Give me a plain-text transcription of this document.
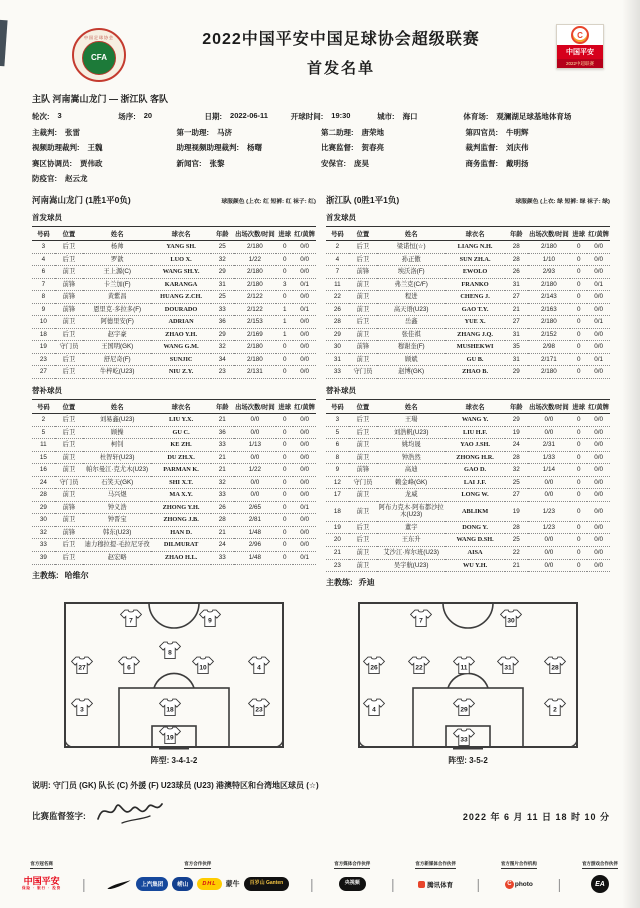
中国足球协会
CFA
2022中国平安中国足球协会超级联赛
首发名单
C
中国平安
2022中超联赛
主队 河南嵩山龙门 — 浙江队 客队
轮次: 3	场序: 20	日期: 2022-06-11	开球时间: 19:30	城市: 海口	体育场: 观澜湖足球基地体育场
主裁判: 张雷	第一助理: 马济	第二助理: 唐荣地	第四官员: 牛明辉
视频助理裁判: 王魏	助理视频助理裁判: 杨曙	比赛监督: 贺春亮	裁判监督: 刘庆伟
赛区协调员: 贾伟政	新闻官: 张黎	安保官: 庞昊	商务监督: 戴明扬
防疫官: 赵云龙
河南嵩山龙门 (1胜1平0负)	球服颜色 (上衣: 红 短裤: 红 袜子: 红)
首发球员
号码	位置	姓名	球衣名	年龄	出场次数/时间	进球	红/黄牌
3	后卫	杨帅	YANG SH.	25	2/180	0	0/0
4	后卫	罗歆	LUO X.	32	1/22	0	0/0
6	前卫	王上源(C)	WANG SH.Y.	29	2/180	0	0/0
7	前锋	卡兰加(F)	KARANGA	31	2/180	3	0/1
8	前锋	黄紫昌	HUANG Z.CH.	25	2/122	0	0/0
9	前锋	恩里克·多拉多(F)	DOURADO	33	2/122	1	0/1
10	前卫	阿德里安(F)	ADRIAN	36	2/153	1	0/0
18	后卫	赵宇豪	ZHAO Y.H.	29	2/169	1	0/0
19	守门员	王国明(GK)	WANG G.M.	32	2/180	0	0/0
23	后卫	舒尼奇(F)	SUNJIC	34	2/180	0	0/0
27	后卫	牛梓屹(U23)	NIU Z.Y.	23	2/131	0	0/0
替补球员
号码	位置	姓名	球衣名	年龄	出场次数/时间	进球	红/黄牌
2	后卫	刘易鑫(U23)	LIU Y.X.	21	0/0	0	0/0
5	后卫	顾操	GU C.	36	0/0	0	0/0
11	后卫	柯钊	KE ZH.	33	1/13	0	0/0
15	前卫	杜智轩(U23)	DU ZH.X.	21	0/0	0	0/0
16	前卫	帕尔曼江·克尤木(U23)	PARMAN K.	21	1/22	0	0/0
24	守门员	石笑天(GK)	SHI X.T.	32	0/0	0	0/0
28	前卫	马兴煜	MA X.Y.	33	0/0	0	0/0
29	前锋	钟义浩	ZHONG Y.H.	26	2/65	0	0/1
30	前卫	钟晋宝	ZHONG J.B.	28	2/81	0	0/0
32	前锋	韩东(U23)	HAN D.	21	1/48	0	0/0
33	后卫	迪力穆拉提·毛拉尼牙孜	DILMURAT	24	2/96	0	0/0
39	后卫	赵宏略	ZHAO H.L.	33	1/48	0	0/1
主教练: 哈维尔
浙江队 (0胜1平1负)	球服颜色 (上衣: 绿 短裤: 绿 袜子: 绿)
首发球员
号码	位置	姓名	球衣名	年龄	出场次数/时间	进球	红/黄牌
2	后卫	梁诺恒(☆)	LIANG N.H.	28	2/180	0	0/0
4	后卫	孙正傲	SUN ZH.A.	28	1/10	0	0/0
7	前锋	埃沃洛(F)	EWOLO	26	2/93	0	0/0
11	前卫	弗兰克(C/F)	FRANKO	31	2/180	0	0/1
22	前卫	程进	CHENG J.	27	2/143	0	0/0
26	前卫	高天语(U23)	GAO T.Y.	21	2/163	0	0/0
28	后卫	岳鑫	YUE X.	27	2/180	0	0/1
29	前卫	张佳祺	ZHANG J.Q.	31	2/152	0	0/0
30	前锋	穆谢奎(F)	MUSHEKWI	35	2/98	0	0/0
31	前卫	顾斌	GU B.	31	2/171	0	0/1
33	守门员	赵博(GK)	ZHAO B.	29	2/180	0	0/0
替补球员
号码	位置	姓名	球衣名	年龄	出场次数/时间	进球	红/黄牌
3	后卫	王瑒	WANG Y.	29	0/0	0	0/0
5	后卫	刘浩帆(U23)	LIU H.F.	19	0/0	0	0/0
6	前卫	姚均晟	YAO J.SH.	24	2/31	0	0/0
8	前卫	钟浩然	ZHONG H.R.	28	1/33	0	0/0
9	前锋	高迪	GAO D.	32	1/14	0	0/0
12	守门员	赖金峰(GK)	LAI J.F.	25	0/0	0	0/0
17	前卫	龙威	LONG W.	27	0/0	0	0/0
18	前卫	阿布力克木·阿布都沙拉木(U23)	ABLIKM	19	1/23	0	0/0
19	后卫	董宇	DONG Y.	28	1/23	0	0/0
20	后卫	王东升	WANG D.SH.	25	0/0	0	0/0
21	前卫	艾沙江·库尔班(U23)	AISA	22	0/0	0	0/0
23	前卫	吴宇航(U23)	WU Y.H.	21	0/0	0	0/0
主教练: 乔迪
7	9
8
27	6	10	4
3	18	23
19
阵型: 3-4-1-2
7	30
26	22	11	31	28
4	29	2
33
阵型: 3-5-2
说明: 守门员 (GK) 队长 (C) 外援 (F) U23球员 (U23) 港澳特区和台湾地区球员 (☆)
比赛监督签字:	2022 年 6 月 11 日 18 时 10 分
官方冠名商
中国平安
保险 · 银行 · 投资 |
官方合作伙伴
上汽集团	崂山	DHL	蒙牛	百岁山 Ganten	|
官方媒体合作伙伴
央视频	|
官方新媒体合作伙伴
腾讯体育 |
官方图片合作机构
C photo |
官方游戏合作伙伴
EA
